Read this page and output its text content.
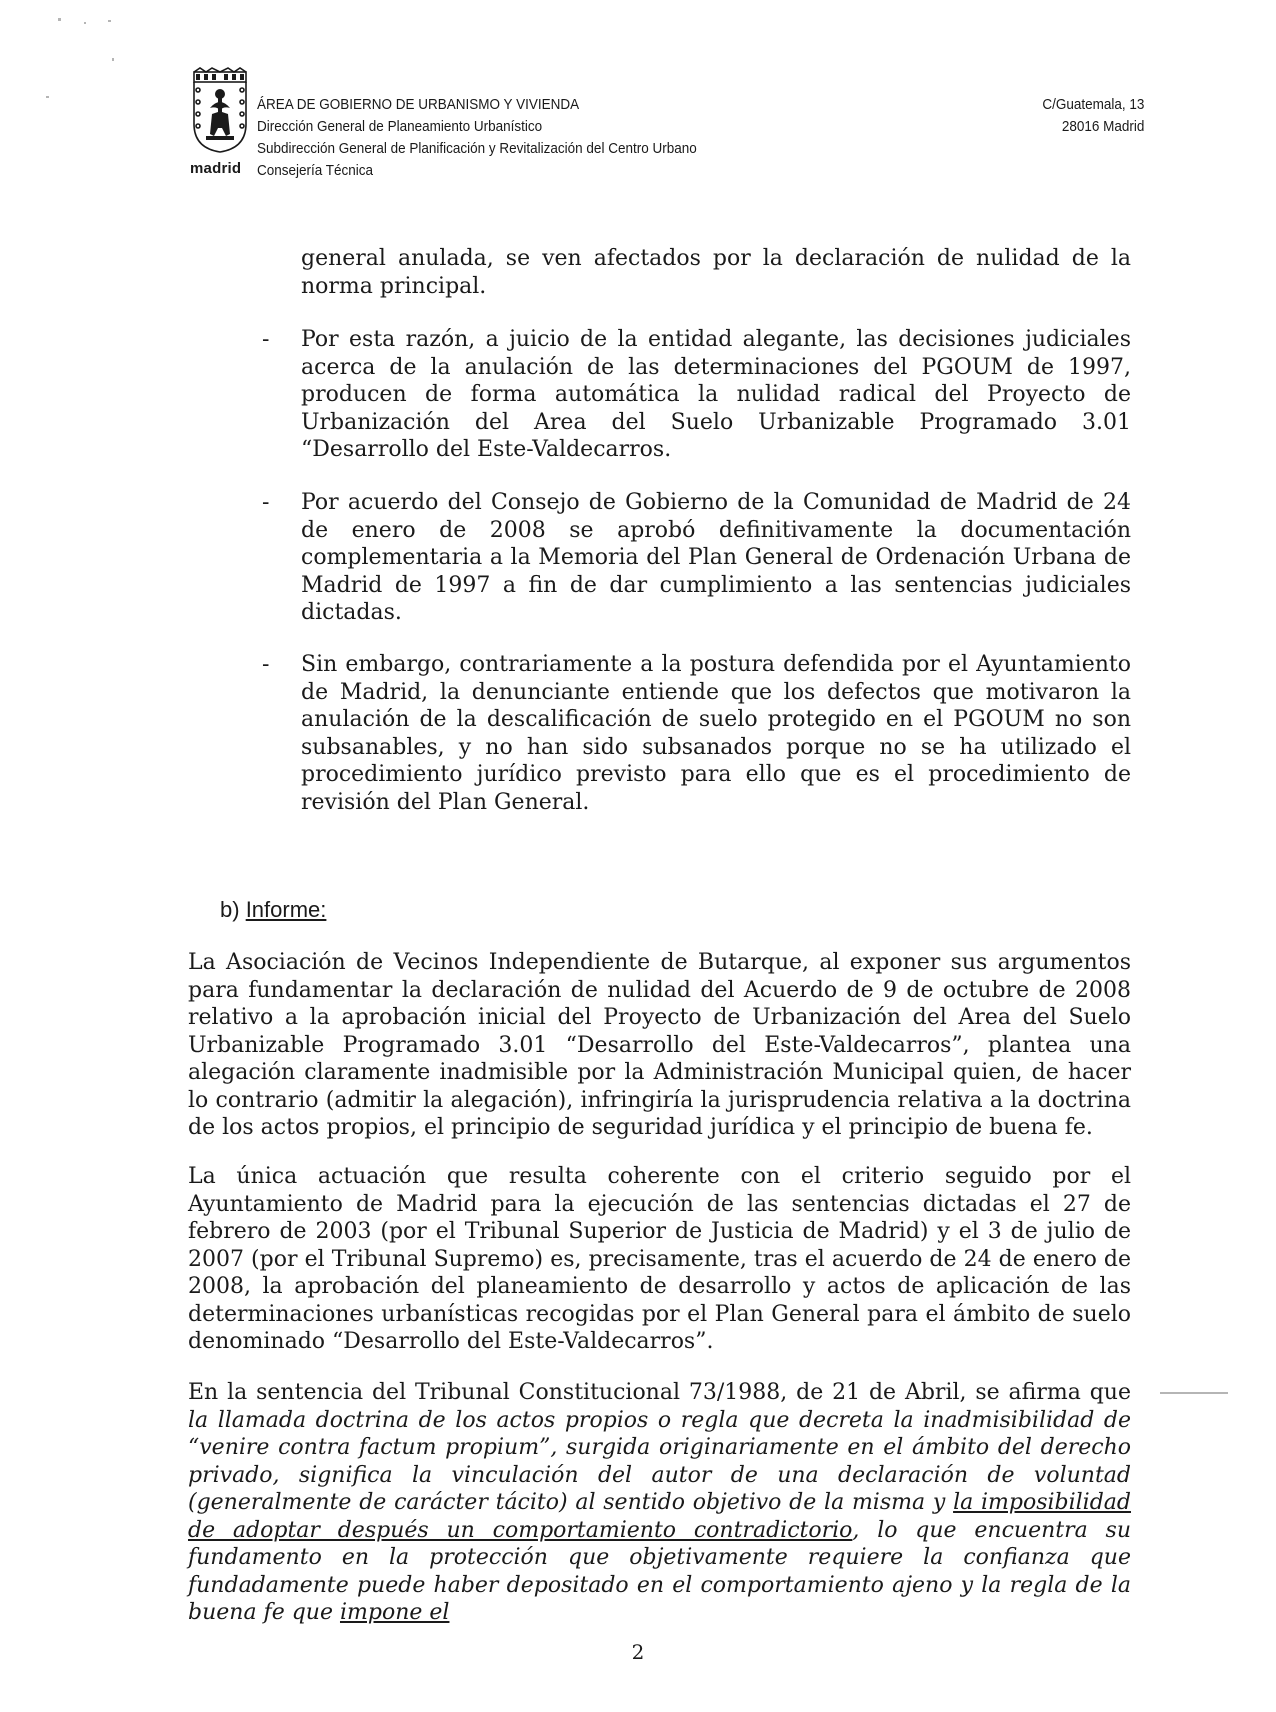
madrid
ÁREA DE GOBIERNO DE URBANISMO Y VIVIENDA
Dirección General de Planeamiento Urbanístico
Subdirección General de Planificación y Revitalización del Centro Urbano
Consejería Técnica
C/Guatemala, 13
28016 Madrid
general anulada, se ven afectados por la declaración de nulidad de la norma principal.
- Por esta razón, a juicio de la entidad alegante, las decisiones judiciales acerca de la anulación de las determinaciones del PGOUM de 1997, producen de forma automática la nulidad radical del Proyecto de Urbanización del Area del Suelo Urbanizable Programado 3.01 “Desarrollo del Este-Valdecarros.
- Por acuerdo del Consejo de Gobierno de la Comunidad de Madrid de 24 de enero de 2008 se aprobó definitivamente la documentación complementaria a la Memoria del Plan General de Ordenación Urbana de Madrid de 1997 a fin de dar cumplimiento a las sentencias judiciales dictadas.
- Sin embargo, contrariamente a la postura defendida por el Ayuntamiento de Madrid, la denunciante entiende que los defectos que motivaron la anulación de la descalificación de suelo protegido en el PGOUM no son subsanables, y no han sido subsanados porque no se ha utilizado el procedimiento jurídico previsto para ello que es el procedimiento de revisión del Plan General.
b) Informe:
La Asociación de Vecinos Independiente de Butarque, al exponer sus argumentos para fundamentar la declaración de nulidad del Acuerdo de 9 de octubre de 2008 relativo a la aprobación inicial del Proyecto de Urbanización del Area del Suelo Urbanizable Programado 3.01 “Desarrollo del Este-Valdecarros”, plantea una alegación claramente inadmisible por la Administración Municipal quien, de hacer lo contrario (admitir la alegación), infringiría la jurisprudencia relativa a la doctrina de los actos propios, el principio de seguridad jurídica y el principio de buena fe.
La única actuación que resulta coherente con el criterio seguido por el Ayuntamiento de Madrid para la ejecución de las sentencias dictadas el 27 de febrero de 2003 (por el Tribunal Superior de Justicia de Madrid) y el 3 de julio de 2007 (por el Tribunal Supremo) es, precisamente, tras el acuerdo de 24 de enero de 2008, la aprobación del planeamiento de desarrollo y actos de aplicación de las determinaciones urbanísticas recogidas por el Plan General para el ámbito de suelo denominado “Desarrollo del Este-Valdecarros”.
En la sentencia del Tribunal Constitucional 73/1988, de 21 de Abril, se afirma que la llamada doctrina de los actos propios o regla que decreta la inadmisibilidad de “venire contra factum propium”, surgida originariamente en el ámbito del derecho privado, significa la vinculación del autor de una declaración de voluntad (generalmente de carácter tácito) al sentido objetivo de la misma y la imposibilidad de adoptar después un comportamiento contradictorio, lo que encuentra su fundamento en la protección que objetivamente requiere la confianza que fundadamente puede haber depositado en el comportamiento ajeno y la regla de la buena fe que impone el
2
